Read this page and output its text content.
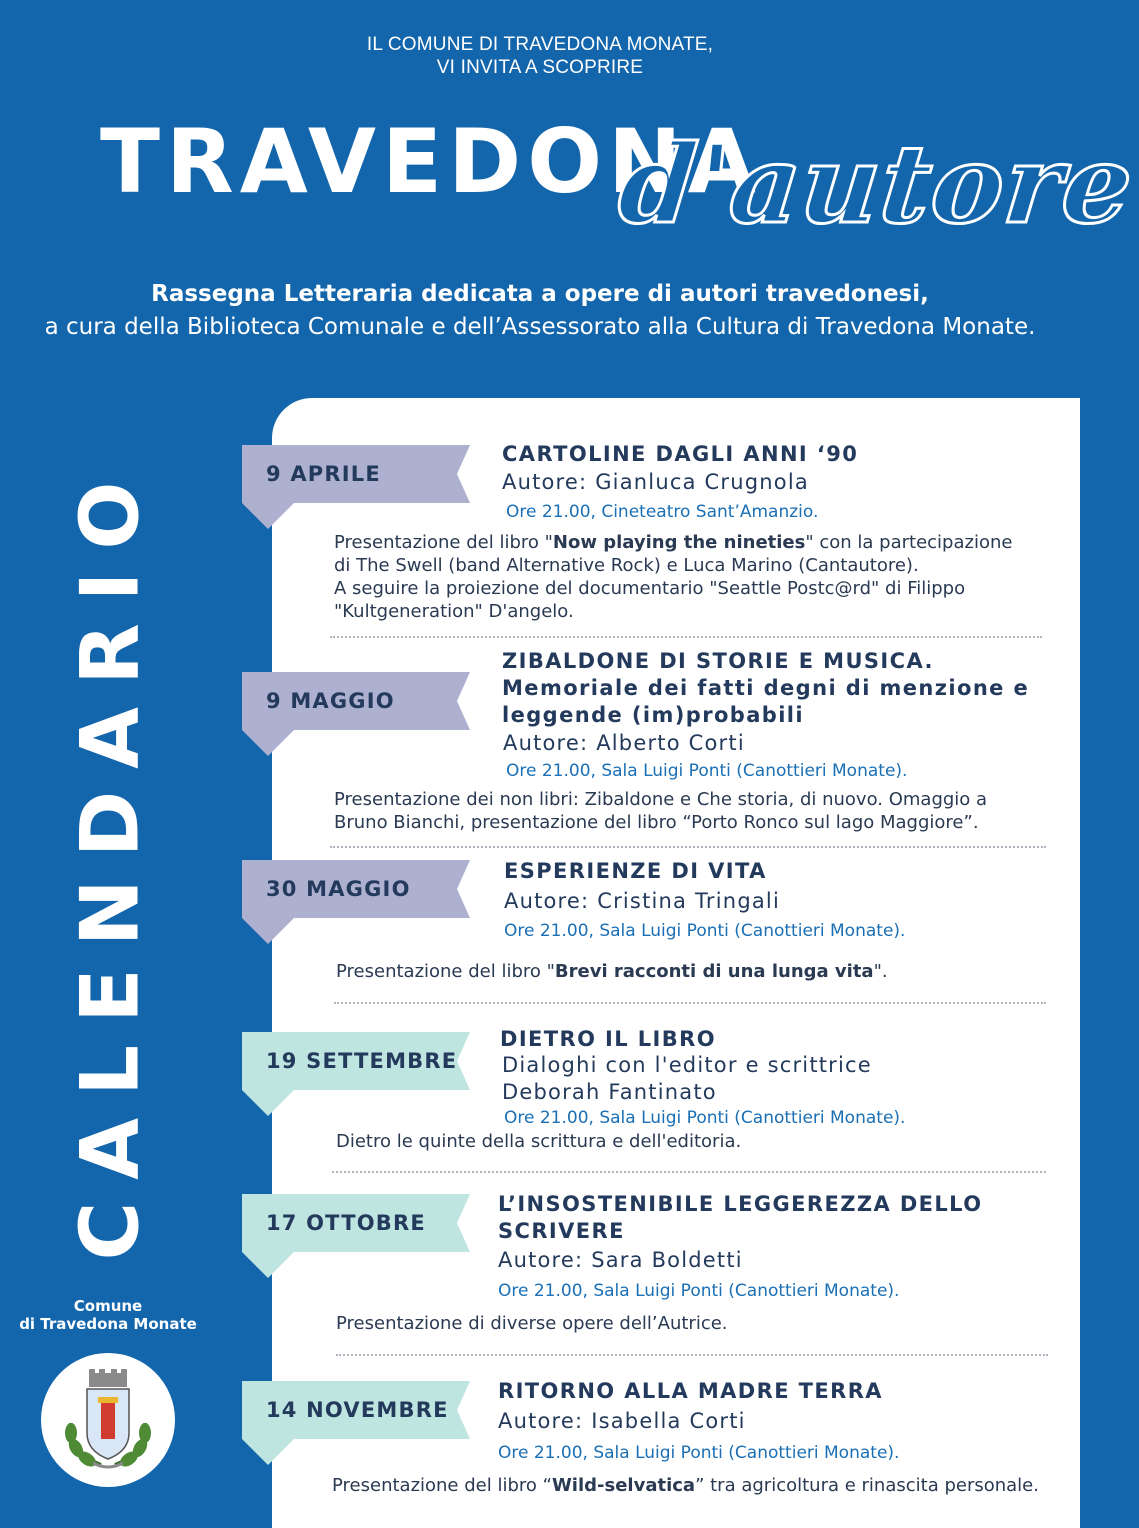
IL COMUNE DI TRAVEDONA MONATE,
VI INVITA A SCOPRIRE
TRAVEDONA
d'autore
Rassegna Letteraria dedicata a opere di autori travedonesi,
a cura della Biblioteca Comunale e dell’Assessorato alla Cultura di Travedona Monate.
CALENDARIO
Comune
di Travedona Monate
9 APRILE
CARTOLINE DAGLI ANNI ‘90
Autore: Gianluca Crugnola
Ore 21.00, Cineteatro Sant’Amanzio.
Presentazione del libro "Now playing the nineties" con la partecipazione
di The Swell (band Alternative Rock) e Luca Marino (Cantautore).
A seguire la proiezione del documentario "Seattle Postc@rd" di Filippo
"Kultgeneration" D'angelo.
9 MAGGIO
ZIBALDONE DI STORIE E MUSICA.
Memoriale dei fatti degni di menzione e
leggende (im)probabili
Autore: Alberto Corti
Ore 21.00, Sala Luigi Ponti (Canottieri Monate).
Presentazione dei non libri: Zibaldone e Che storia, di nuovo. Omaggio a
Bruno Bianchi, presentazione del libro “Porto Ronco sul lago Maggiore”.
30 MAGGIO
ESPERIENZE DI VITA
Autore: Cristina Tringali
Ore 21.00, Sala Luigi Ponti (Canottieri Monate).
Presentazione del libro "Brevi racconti di una lunga vita".
19 SETTEMBRE
DIETRO IL LIBRO
Dialoghi con l'editor e scrittrice
Deborah Fantinato
Ore 21.00, Sala Luigi Ponti (Canottieri Monate).
Dietro le quinte della scrittura e dell'editoria.
17 OTTOBRE
L’INSOSTENIBILE LEGGEREZZA DELLO
SCRIVERE
Autore: Sara Boldetti
Ore 21.00, Sala Luigi Ponti (Canottieri Monate).
Presentazione di diverse opere dell’Autrice.
14 NOVEMBRE
RITORNO ALLA MADRE TERRA
Autore: Isabella Corti
Ore 21.00, Sala Luigi Ponti (Canottieri Monate).
Presentazione del libro “Wild-selvatica” tra agricoltura e rinascita personale.
